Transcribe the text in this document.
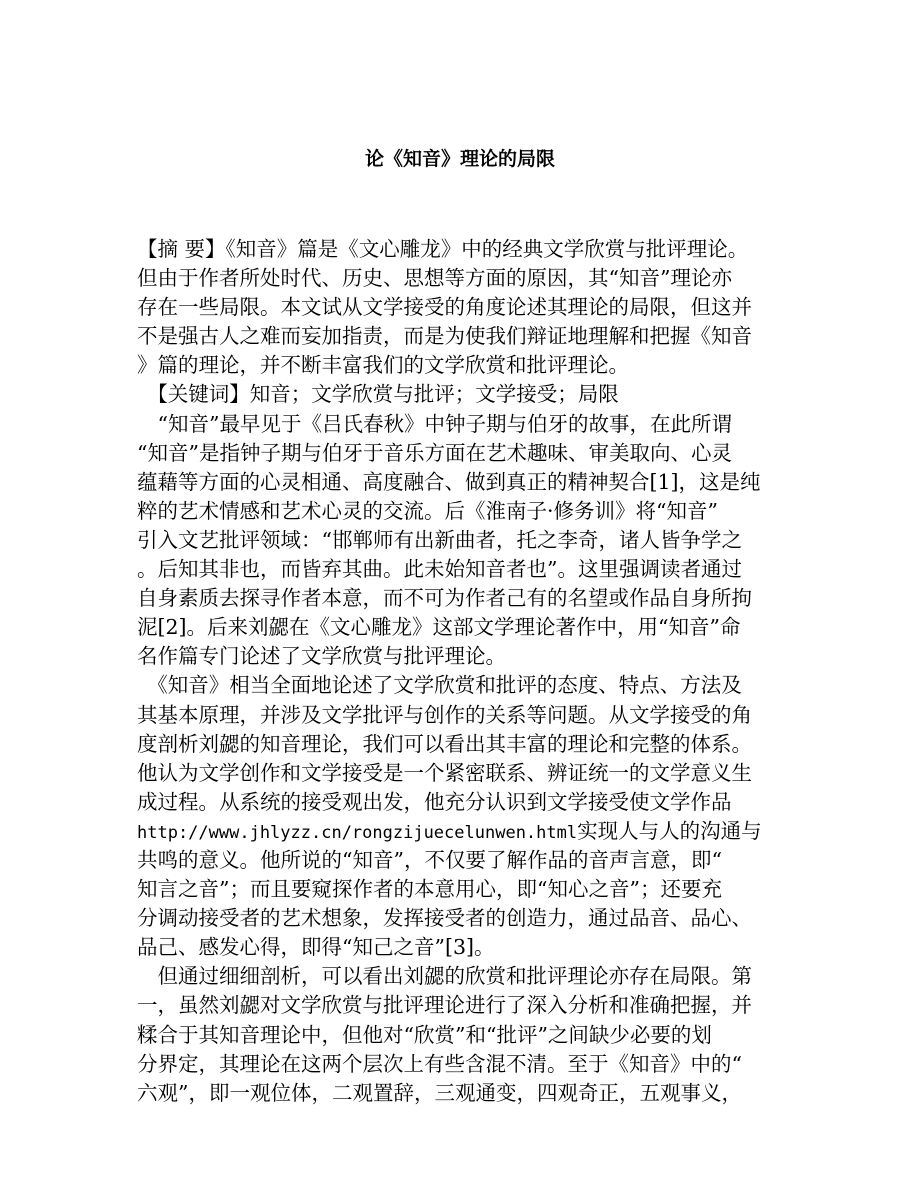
论《知音》理论的局限
【摘 要】《知音》篇是《文心雕龙》中的经典文学欣赏与批评理论。
但由于作者所处时代、历史、思想等方面的原因，其“知音”理论亦
存在一些局限。本文试从文学接受的角度论述其理论的局限，但这并
不是强古人之难而妄加指责，而是为使我们辩证地理解和把握《知音
》篇的理论，并不断丰富我们的文学欣赏和批评理论。
　【关键词】知音；文学欣赏与批评；文学接受；局限
　“知音”最早见于《吕氏春秋》中钟子期与伯牙的故事，在此所谓
“知音”是指钟子期与伯牙于音乐方面在艺术趣味、审美取向、心灵
蕴藉等方面的心灵相通、高度融合、做到真正的精神契合[1]，这是纯
粹的艺术情感和艺术心灵的交流。后《淮南子·修务训》将“知音”
引入文艺批评领域：“邯郸师有出新曲者，托之李奇，诸人皆争学之
。后知其非也，而皆弃其曲。此未始知音者也”。这里强调读者通过
自身素质去探寻作者本意，而不可为作者己有的名望或作品自身所拘
泥[2]。后来刘勰在《文心雕龙》这部文学理论著作中，用“知音”命
名作篇专门论述了文学欣赏与批评理论。
　《知音》相当全面地论述了文学欣赏和批评的态度、特点、方法及
其基本原理，并涉及文学批评与创作的关系等问题。从文学接受的角
度剖析刘勰的知音理论，我们可以看出其丰富的理论和完整的体系。
他认为文学创作和文学接受是一个紧密联系、辨证统一的文学意义生
成过程。从系统的接受观出发，他充分认识到文学接受使文学作品
http://www.jhlyzz.cn/rongzijuecelunwen.html实现人与人的沟通与
共鸣的意义。他所说的“知音”，不仅要了解作品的音声言意，即“
知言之音”；而且要窥探作者的本意用心，即“知心之音”；还要充
分调动接受者的艺术想象，发挥接受者的创造力，通过品音、品心、
品己、感发心得，即得“知己之音”[3]。
　但通过细细剖析，可以看出刘勰的欣赏和批评理论亦存在局限。第
一，虽然刘勰对文学欣赏与批评理论进行了深入分析和准确把握，并
糅合于其知音理论中，但他对“欣赏”和“批评”之间缺少必要的划
分界定，其理论在这两个层次上有些含混不清。至于《知音》中的“
六观”，即一观位体，二观置辞，三观通变，四观奇正，五观事义，
